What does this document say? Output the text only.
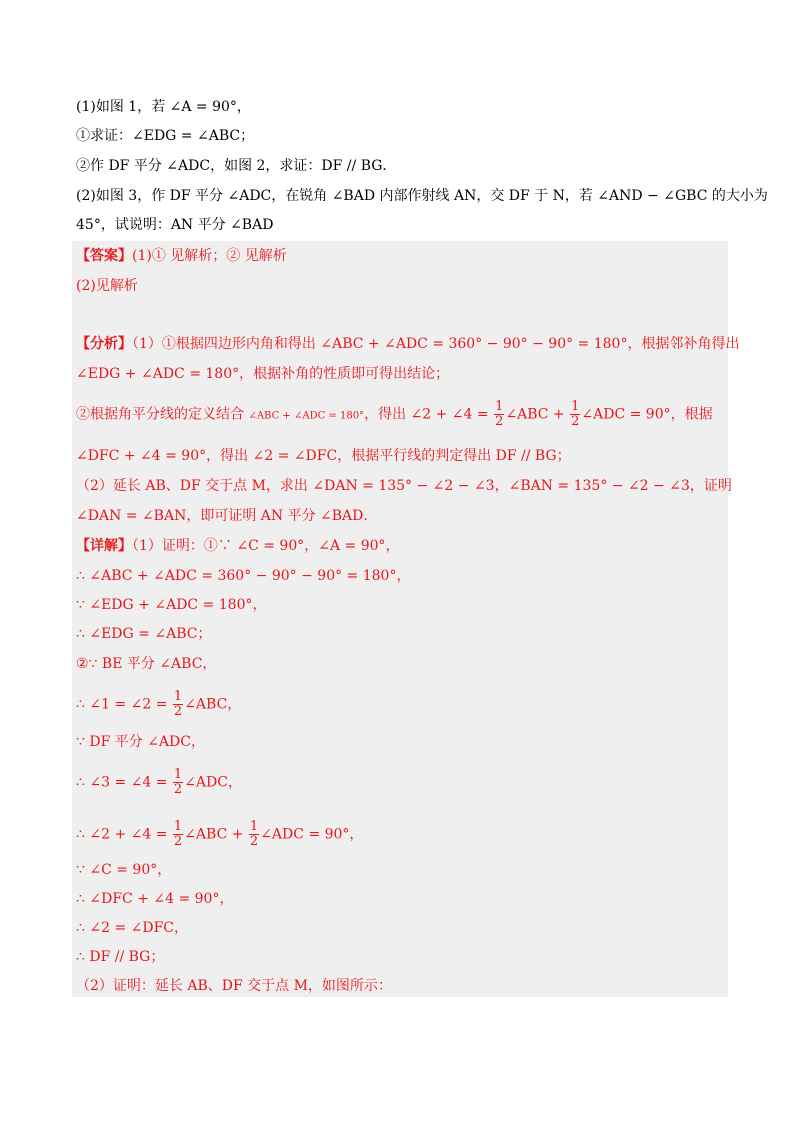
(1)如图 1，若 ∠A = 90°，
①求证：∠EDG = ∠ABC；
②作 DF 平分 ∠ADC，如图 2，求证：DF // BG．
(2)如图 3，作 DF 平分 ∠ADC，在锐角 ∠BAD 内部作射线 AN，交 DF 于 N，若 ∠AND − ∠GBC 的大小为
45°，试说明：AN 平分 ∠BAD
【答案】(1)① 见解析；② 见解析
(2)见解析
【分析】（1）①根据四边形内角和得出 ∠ABC + ∠ADC = 360° − 90° − 90° = 180°，根据邻补角得出
∠EDG + ∠ADC = 180°，根据补角的性质即可得出结论；
②根据角平分线的定义结合 ∠ABC + ∠ADC = 180°，得出 ∠2 + ∠4 = $\frac{1}{2}$ ∠ABC + $\frac{1}{2}$ ∠ADC = 90°，根据
∠DFC + ∠4 = 90°，得出 ∠2 = ∠DFC，根据平行线的判定得出 DF // BG；
（2）延长 AB、DF 交于点 M，求出 ∠DAN = 135° − ∠2 − ∠3，∠BAN = 135° − ∠2 − ∠3，证明
∠DAN = ∠BAN，即可证明 AN 平分 ∠BAD．
【详解】（1）证明：①∵ ∠C = 90°，∠A = 90°，
∴ ∠ABC + ∠ADC = 360° − 90° − 90° = 180°，
∵ ∠EDG + ∠ADC = 180°，
∴ ∠EDG = ∠ABC；
②∵ BE 平分 ∠ABC，
∴ ∠1 = ∠2 = $\frac{1}{2}$ ∠ABC，
∵ DF 平分 ∠ADC，
∴ ∠3 = ∠4 = $\frac{1}{2}$ ∠ADC，
∴ ∠2 + ∠4 = $\frac{1}{2}$ ∠ABC + $\frac{1}{2}$ ∠ADC = 90°，
∵ ∠C = 90°，
∴ ∠DFC + ∠4 = 90°，
∴ ∠2 = ∠DFC，
∴ DF // BG；
（2）证明：延长 AB、DF 交于点 M，如图所示：
